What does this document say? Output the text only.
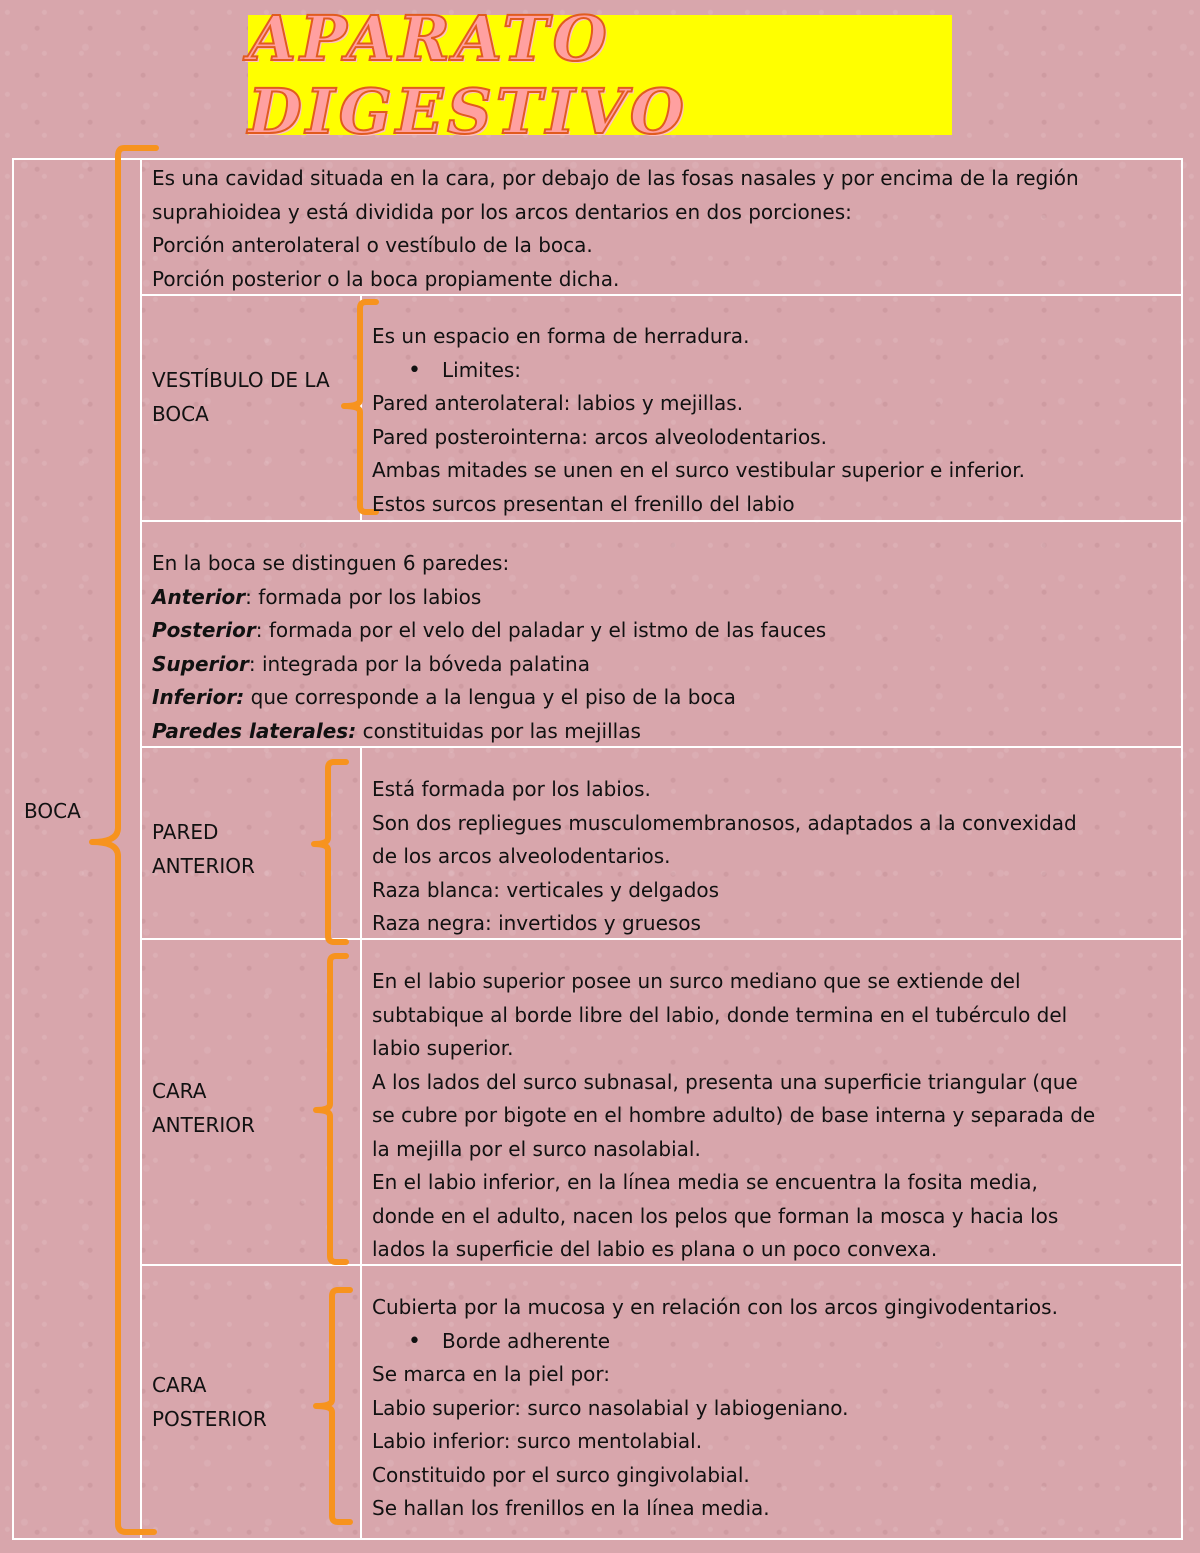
APARATO DIGESTIVO
BOCA
Es una cavidad situada en la cara, por debajo de las fosas nasales y por encima de la región
suprahioidea y está dividida por los arcos dentarios en dos porciones:
Porción anterolateral o vestíbulo de la boca.
Porción posterior o la boca propiamente dicha.
VESTÍBULO DE LA
BOCA
Es un espacio en forma de herradura.
• Limites:
Pared anterolateral: labios y mejillas.
Pared posterointerna: arcos alveolodentarios.
Ambas mitades se unen en el surco vestibular superior e inferior.
Estos surcos presentan el frenillo del labio
En la boca se distinguen 6 paredes:
Anterior: formada por los labios
Posterior: formada por el velo del paladar y el istmo de las fauces
Superior: integrada por la bóveda palatina
Inferior: que corresponde a la lengua y el piso de la boca
Paredes laterales: constituidas por las mejillas
PARED
ANTERIOR
Está formada por los labios.
Son dos repliegues musculomembranosos, adaptados a la convexidad
de los arcos alveolodentarios.
Raza blanca: verticales y delgados
Raza negra: invertidos y gruesos
CARA
ANTERIOR
En el labio superior posee un surco mediano que se extiende del
subtabique al borde libre del labio, donde termina en el tubérculo del
labio superior.
A los lados del surco subnasal, presenta una superficie triangular (que
se cubre por bigote en el hombre adulto) de base interna y separada de
la mejilla por el surco nasolabial.
En el labio inferior, en la línea media se encuentra la fosita media,
donde en el adulto, nacen los pelos que forman la mosca y hacia los
lados la superficie del labio es plana o un poco convexa.
CARA
POSTERIOR
Cubierta por la mucosa y en relación con los arcos gingivodentarios.
• Borde adherente
Se marca en la piel por:
Labio superior: surco nasolabial y labiogeniano.
Labio inferior: surco mentolabial.
Constituido por el surco gingivolabial.
Se hallan los frenillos en la línea media.
